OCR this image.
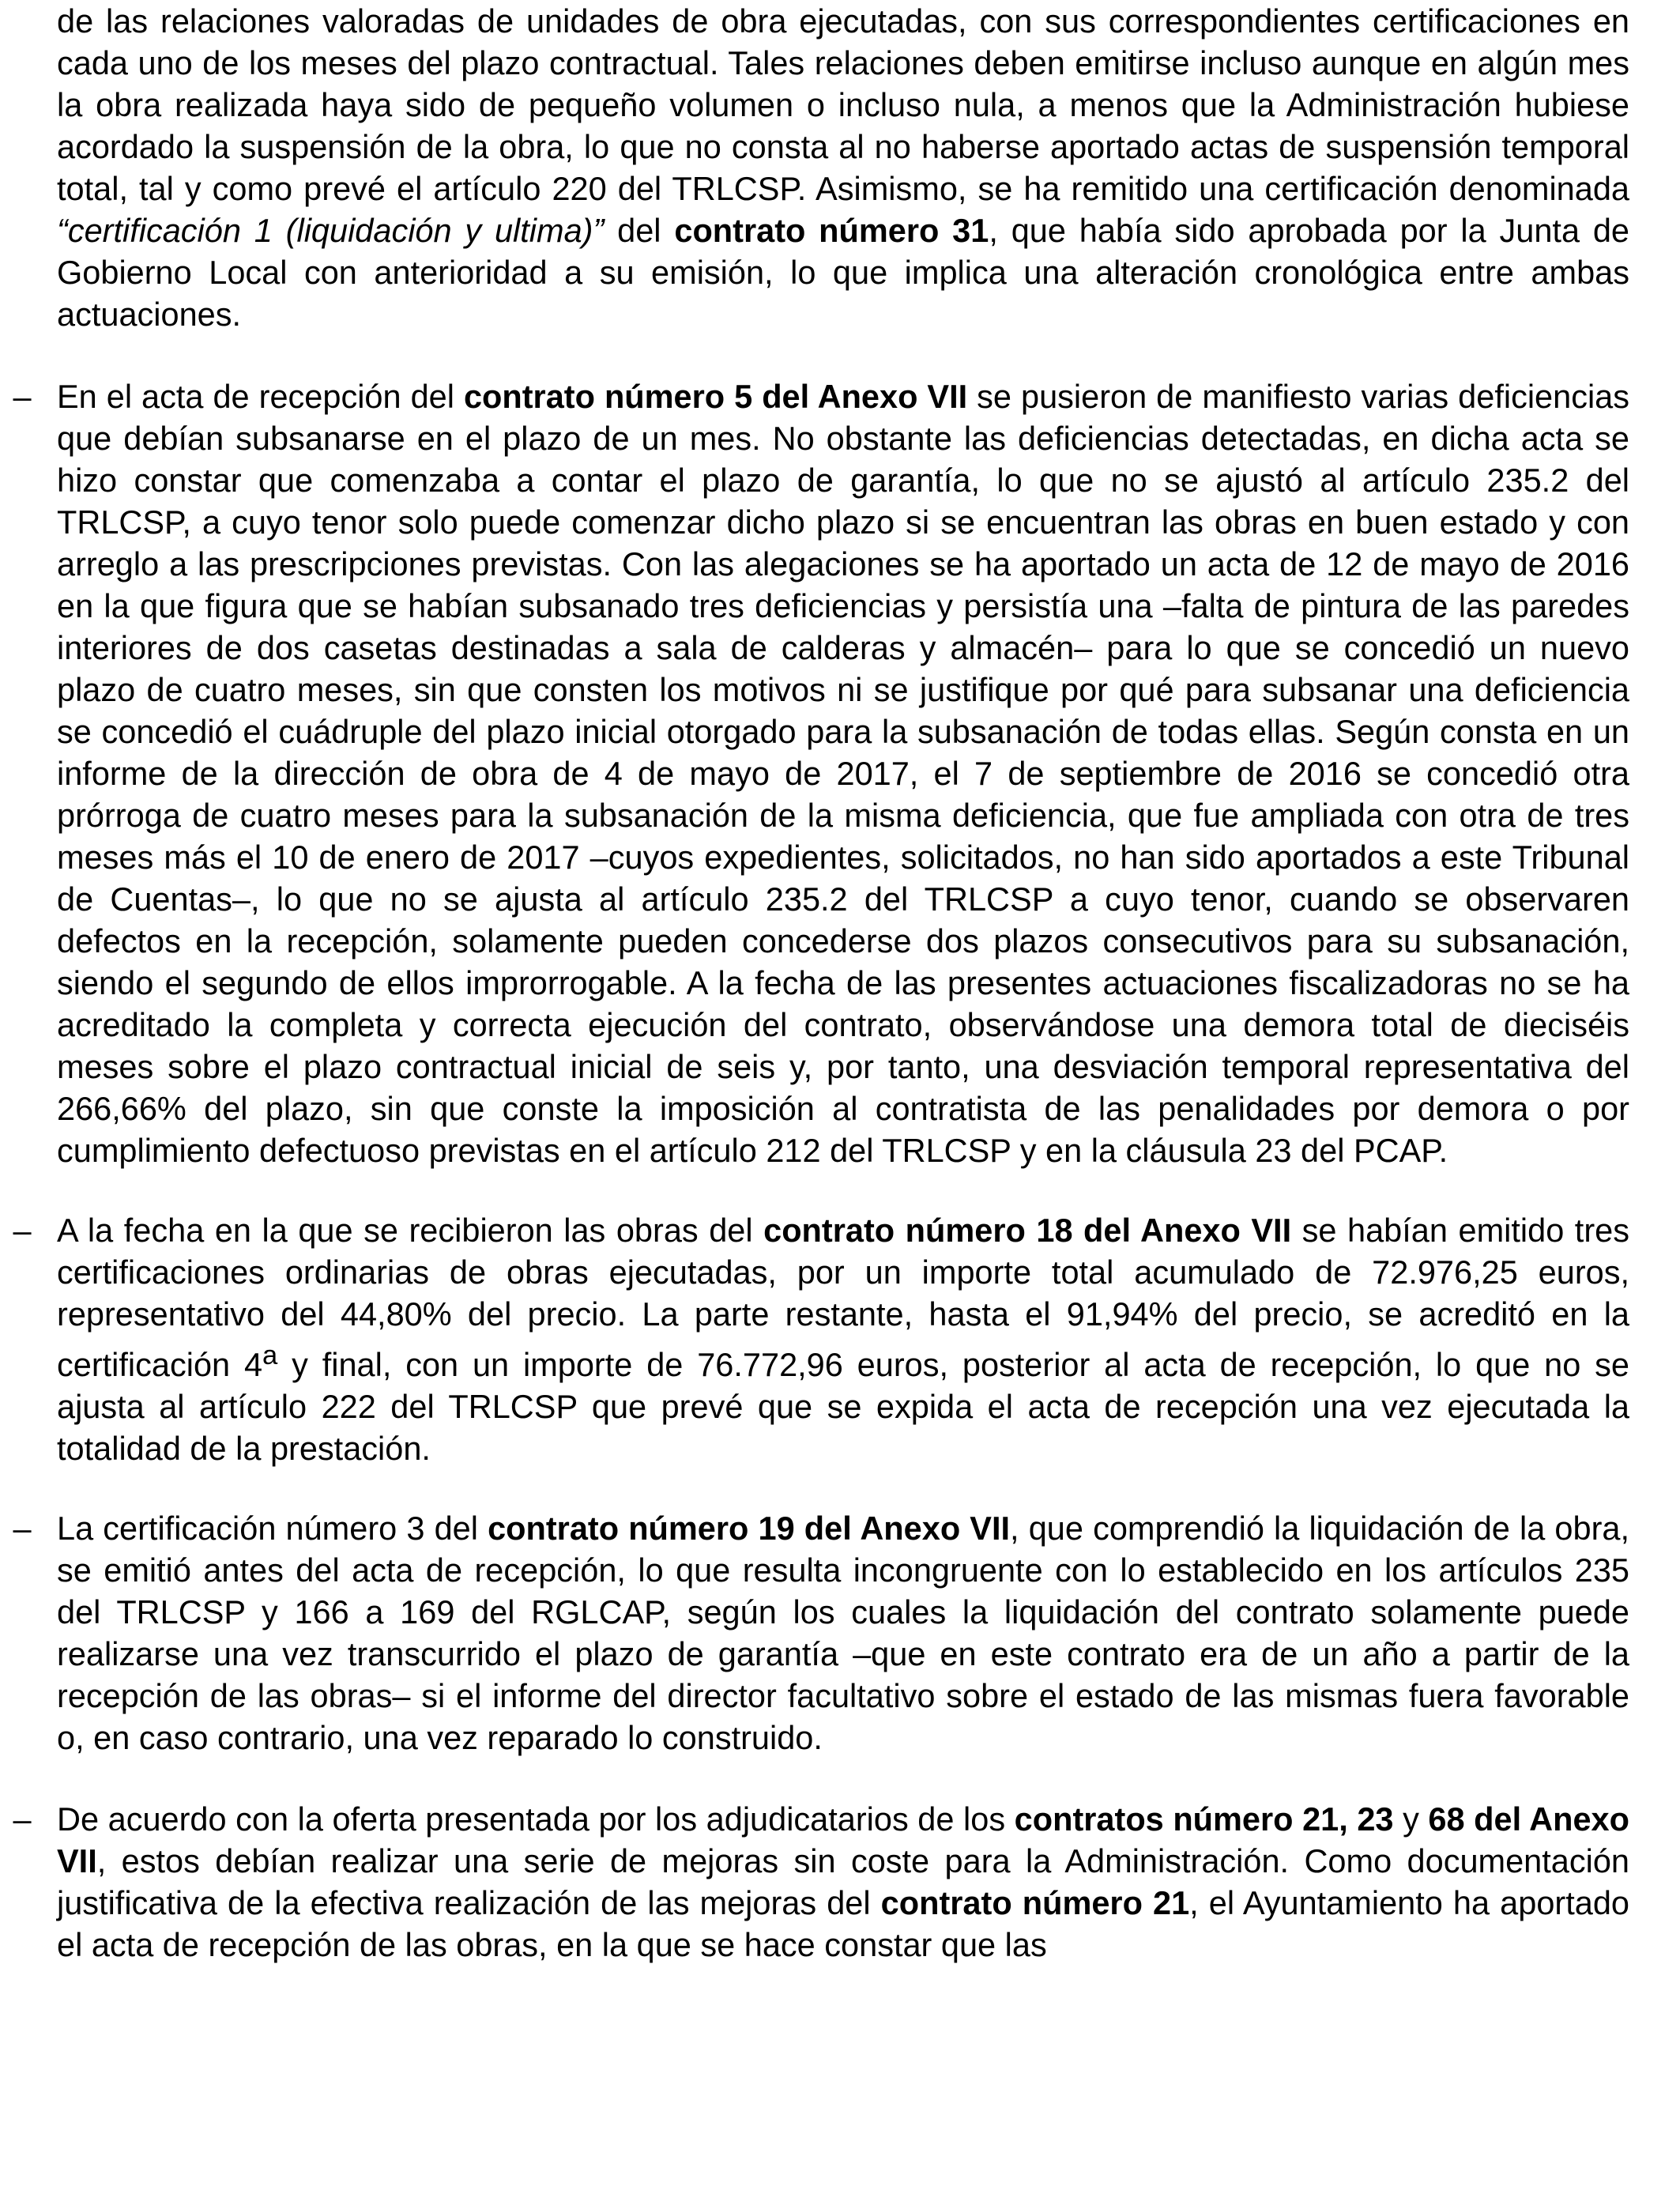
de las relaciones valoradas de unidades de obra ejecutadas, con sus correspondientes certificaciones en cada uno de los meses del plazo contractual. Tales relaciones deben emitirse incluso aunque en algún mes la obra realizada haya sido de pequeño volumen o incluso nula, a menos que la Administración hubiese acordado la suspensión de la obra, lo que no consta al no haberse aportado actas de suspensión temporal total, tal y como prevé el artículo 220 del TRLCSP. Asimismo, se ha remitido una certificación denominada “certificación 1 (liquidación y ultima)” del contrato número 31, que había sido aprobada por la Junta de Gobierno Local con anterioridad a su emisión, lo que implica una alteración cronológica entre ambas actuaciones.

– En el acta de recepción del contrato número 5 del Anexo VII se pusieron de manifiesto varias deficiencias que debían subsanarse en el plazo de un mes. No obstante las deficiencias detectadas, en dicha acta se hizo constar que comenzaba a contar el plazo de garantía, lo que no se ajustó al artículo 235.2 del TRLCSP, a cuyo tenor solo puede comenzar dicho plazo si se encuentran las obras en buen estado y con arreglo a las prescripciones previstas. Con las alegaciones se ha aportado un acta de 12 de mayo de 2016 en la que figura que se habían subsanado tres deficiencias y persistía una –falta de pintura de las paredes interiores de dos casetas destinadas a sala de calderas y almacén– para lo que se concedió un nuevo plazo de cuatro meses, sin que consten los motivos ni se justifique por qué para subsanar una deficiencia se concedió el cuádruple del plazo inicial otorgado para la subsanación de todas ellas. Según consta en un informe de la dirección de obra de 4 de mayo de 2017, el 7 de septiembre de 2016 se concedió otra prórroga de cuatro meses para la subsanación de la misma deficiencia, que fue ampliada con otra de tres meses más el 10 de enero de 2017 –cuyos expedientes, solicitados, no han sido aportados a este Tribunal de Cuentas–, lo que no se ajusta al artículo 235.2 del TRLCSP a cuyo tenor, cuando se observaren defectos en la recepción, solamente pueden concederse dos plazos consecutivos para su subsanación, siendo el segundo de ellos improrrogable. A la fecha de las presentes actuaciones fiscalizadoras no se ha acreditado la completa y correcta ejecución del contrato, observándose una demora total de dieciséis meses sobre el plazo contractual inicial de seis y, por tanto, una desviación temporal representativa del 266,66% del plazo, sin que conste la imposición al contratista de las penalidades por demora o por cumplimiento defectuoso previstas en el artículo 212 del TRLCSP y en la cláusula 23 del PCAP.

– A la fecha en la que se recibieron las obras del contrato número 18 del Anexo VII se habían emitido tres certificaciones ordinarias de obras ejecutadas, por un importe total acumulado de 72.976,25 euros, representativo del 44,80% del precio. La parte restante, hasta el 91,94% del precio, se acreditó en la certificación 4$^a$ y final, con un importe de 76.772,96 euros, posterior al acta de recepción, lo que no se ajusta al artículo 222 del TRLCSP que prevé que se expida el acta de recepción una vez ejecutada la totalidad de la prestación.

– La certificación número 3 del contrato número 19 del Anexo VII, que comprendió la liquidación de la obra, se emitió antes del acta de recepción, lo que resulta incongruente con lo establecido en los artículos 235 del TRLCSP y 166 a 169 del RGLCAP, según los cuales la liquidación del contrato solamente puede realizarse una vez transcurrido el plazo de garantía –que en este contrato era de un año a partir de la recepción de las obras– si el informe del director facultativo sobre el estado de las mismas fuera favorable o, en caso contrario, una vez reparado lo construido.

– De acuerdo con la oferta presentada por los adjudicatarios de los contratos número 21, 23 y 68 del Anexo VII, estos debían realizar una serie de mejoras sin coste para la Administración. Como documentación justificativa de la efectiva realización de las mejoras del contrato número 21, el Ayuntamiento ha aportado el acta de recepción de las obras, en la que se hace constar que las
